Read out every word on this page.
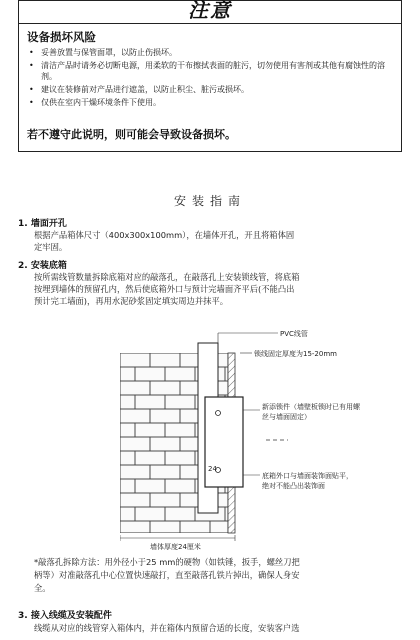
注意
设备损坏风险
• 妥善放置与保管面罩，以防止伤损坏。
• 清洁产品时请务必切断电源，用柔软的干布擦拭表面的脏污，切勿使用有害剂或其他有腐蚀性的溶剂。
• 建议在装修前对产品进行遮盖，以防止积尘、脏污或损坏。
• 仅供在室内干燥环境条件下使用。
若不遵守此说明，则可能会导致设备损坏。
安装指南
1. 墙面开孔
根据产品箱体尺寸（400x300x100mm），在墙体开孔，开且将箱体固
定牢固。
2. 安装底箱
按所需线管数量拆除底箱对应的敲落孔，在敲落孔上安装锁线管，将底箱
按埋到墙体的预留孔内，然后使底箱外口与预计完墙面齐平后(不能凸出
预计完工墙面)，再用水泥砂浆固定填实周边并抹平。
PVC线管
锁线固定厚度为15-20mm
新添锁件（墙壁板锁时已有用螺
丝与墙面固定）
底箱外口与墙面装饰面贴平，
绝对不能凸出装饰面
24
墙体厚度24厘米
*敲落孔拆除方法：用外径小于25 mm的硬物（如铁锤，扳手，螺丝刀把
柄等）对准敲落孔中心位置快速敲打，直至敲落孔铁片掉出，确保人身安
全。
3. 接入线缆及安装配件
线缆从对应的线管穿入箱体内，并在箱体内预留合适的长度，安装客户选
